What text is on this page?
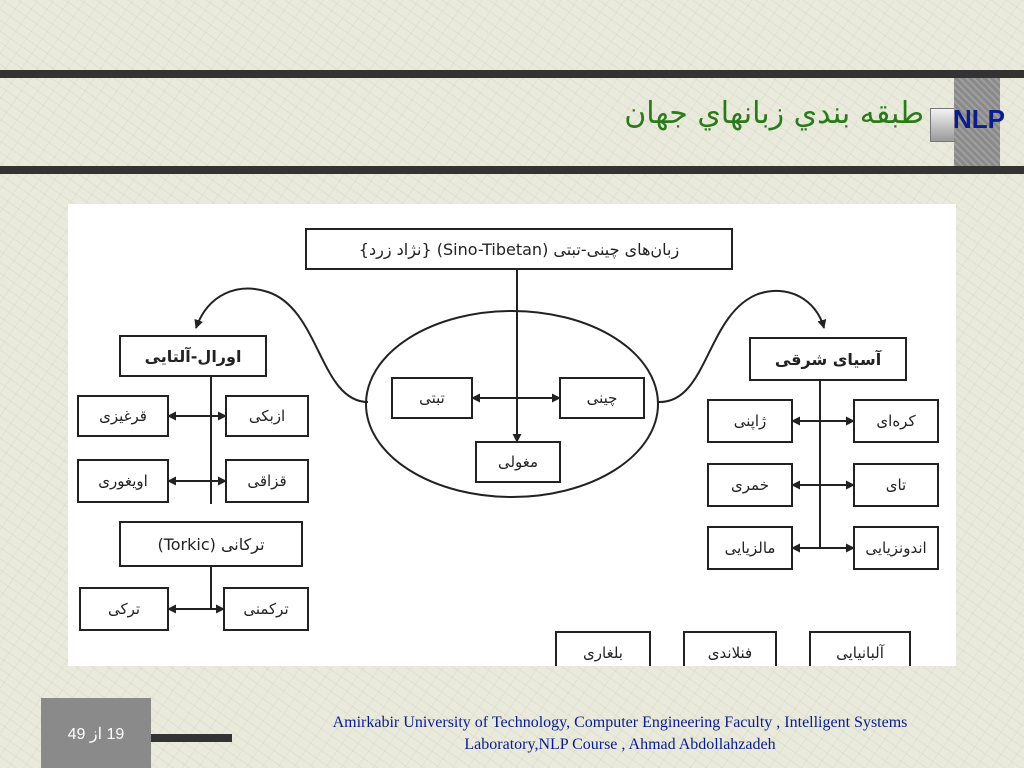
طبقه بندي زبانهاي جهان NLP
زبان‌های چینی-تبتی (Sino-Tibetan) {نژاد زرد}
تبتی	چینی
مغولی
اورال-آلتایی
قرغیزی	ازبکی
اویغوری	قزاقی
ترکانی (Torkic)
ترکی	ترکمنی
آسیای شرقی
ژاپنی	کره‌ای
خمری	تای
مالزیایی	اندونزیایی
بلغاری	فنلاندی	آلبانیایی
19 از 49
Amirkabir University of Technology, Computer Engineering Faculty , Intelligent Systems
Laboratory,NLP Course , Ahmad Abdollahzadeh
